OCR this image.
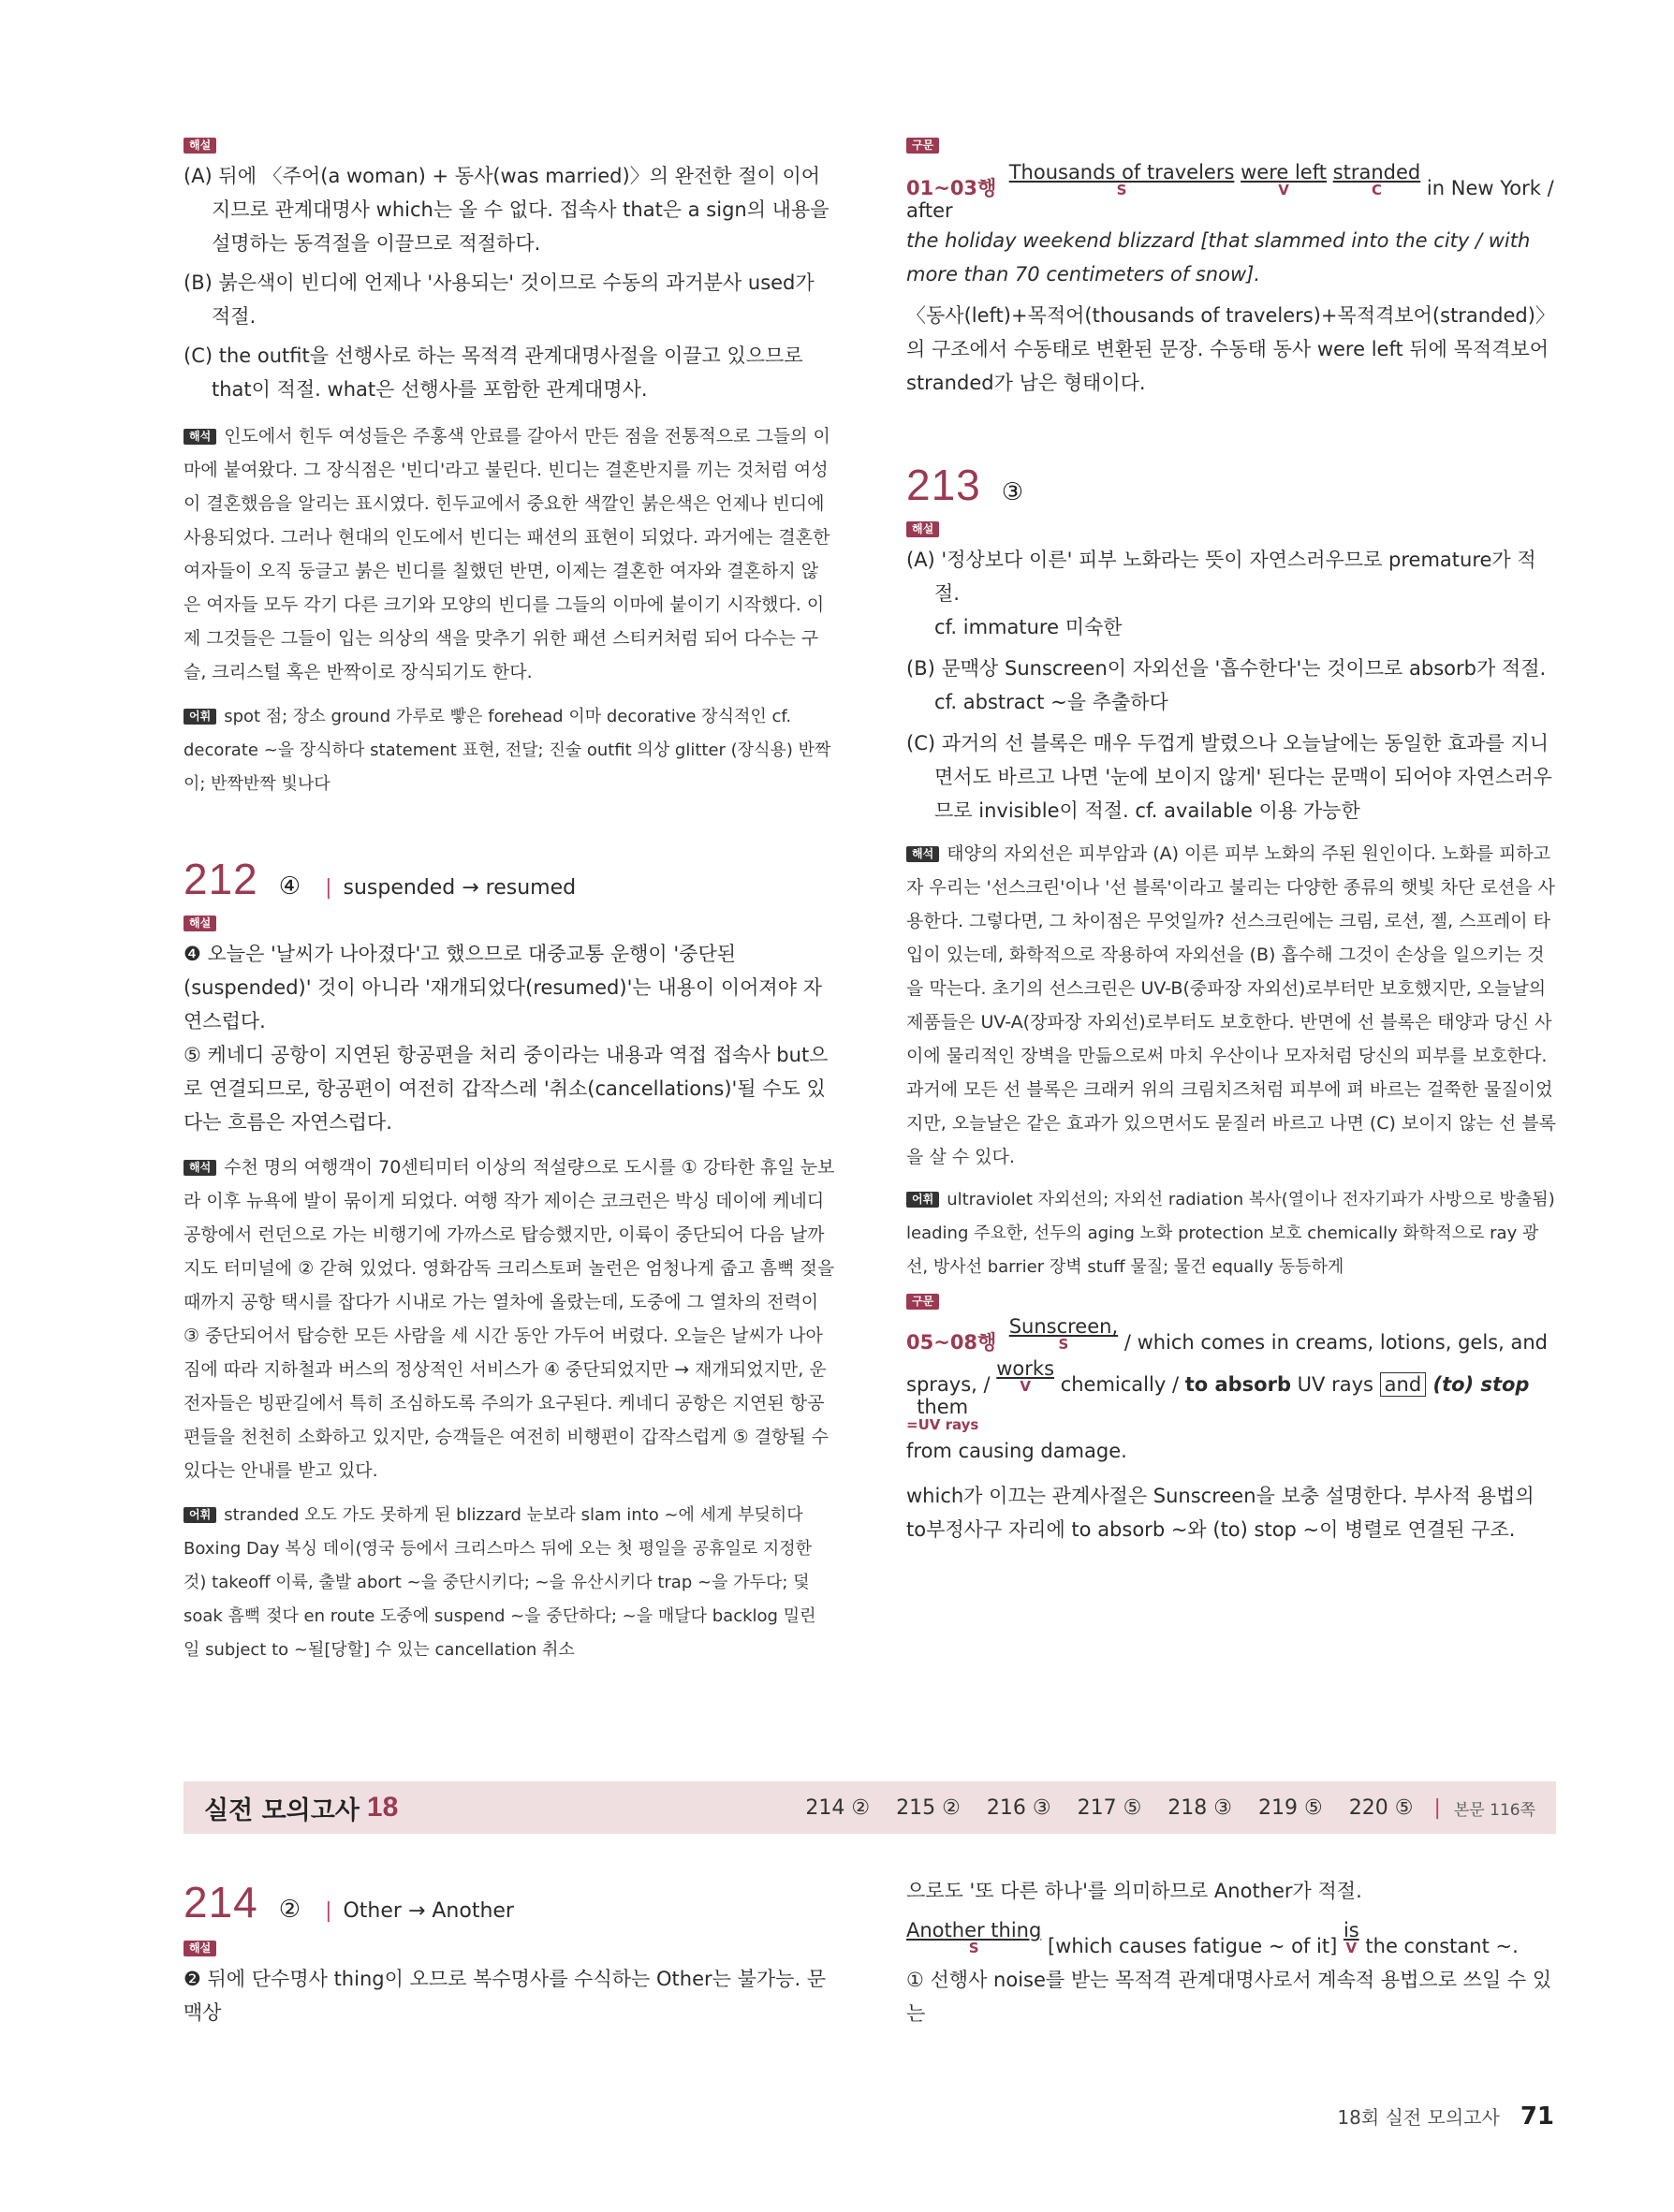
해설

(A) 뒤에 〈주어(a woman) + 동사(was married)〉의 완전한 절이 이어지므로 관계대명사 which는 올 수 없다. 접속사 that은 a sign의 내용을 설명하는 동격절을 이끌므로 적절하다.

(B) 붉은색이 빈디에 언제나 '사용되는' 것이므로 수동의 과거분사 used가 적절.

(C) the outfit을 선행사로 하는 목적격 관계대명사절을 이끌고 있으므로 that이 적절. what은 선행사를 포함한 관계대명사.

해석 인도에서 힌두 여성들은 주홍색 안료를 갈아서 만든 점을 전통적으로 그들의 이마에 붙여왔다. 그 장식점은 '빈디'라고 불린다. 빈디는 결혼반지를 끼는 것처럼 여성이 결혼했음을 알리는 표시였다. 힌두교에서 중요한 색깔인 붉은색은 언제나 빈디에 사용되었다. 그러나 현대의 인도에서 빈디는 패션의 표현이 되었다. 과거에는 결혼한 여자들이 오직 둥글고 붉은 빈디를 칠했던 반면, 이제는 결혼한 여자와 결혼하지 않은 여자들 모두 각기 다른 크기와 모양의 빈디를 그들의 이마에 붙이기 시작했다. 이제 그것들은 그들이 입는 의상의 색을 맞추기 위한 패션 스티커처럼 되어 다수는 구슬, 크리스털 혹은 반짝이로 장식되기도 한다.

어휘 spot 점; 장소 ground 가루로 빻은 forehead 이마 decorative 장식적인 cf. decorate ~을 장식하다 statement 표현, 전달; 진술 outfit 의상 glitter (장식용) 반짝이; 반짝반짝 빛나다

212 ④ | suspended → resumed
해설

❹ 오늘은 '날씨가 나아졌다'고 했으므로 대중교통 운행이 '중단된(suspended)' 것이 아니라 '재개되었다(resumed)'는 내용이 이어져야 자연스럽다.

⑤ 케네디 공항이 지연된 항공편을 처리 중이라는 내용과 역접 접속사 but으로 연결되므로, 항공편이 여전히 갑작스레 '취소(cancellations)'될 수도 있다는 흐름은 자연스럽다.

해석 수천 명의 여행객이 70센티미터 이상의 적설량으로 도시를 ① 강타한 휴일 눈보라 이후 뉴욕에 발이 묶이게 되었다. 여행 작가 제이슨 코크런은 박싱 데이에 케네디 공항에서 런던으로 가는 비행기에 가까스로 탑승했지만, 이륙이 중단되어 다음 날까지도 터미널에 ② 갇혀 있었다. 영화감독 크리스토퍼 놀런은 엄청나게 줍고 흠뻑 젖을 때까지 공항 택시를 잡다가 시내로 가는 열차에 올랐는데, 도중에 그 열차의 전력이 ③ 중단되어서 탑승한 모든 사람을 세 시간 동안 가두어 버렸다. 오늘은 날씨가 나아짐에 따라 지하철과 버스의 정상적인 서비스가 ④ 중단되었지만 → 재개되었지만, 운전자들은 빙판길에서 특히 조심하도록 주의가 요구된다. 케네디 공항은 지연된 항공편들을 천천히 소화하고 있지만, 승객들은 여전히 비행편이 갑작스럽게 ⑤ 결항될 수 있다는 안내를 받고 있다.

어휘 stranded 오도 가도 못하게 된 blizzard 눈보라 slam into ~에 세게 부딪히다 Boxing Day 복싱 데이(영국 등에서 크리스마스 뒤에 오는 첫 평일을 공휴일로 지정한 것) takeoff 이륙, 출발 abort ~을 중단시키다; ~을 유산시키다 trap ~을 가두다; 덫 soak 흠뻑 젖다 en route 도중에 suspend ~을 중단하다; ~을 매달다 backlog 밀린 일 subject to ~될[당할] 수 있는 cancellation 취소

구문
01~03행  Thousands of travelers
S
were left
V
stranded
C	in New York / after

the holiday weekend blizzard [that slammed into the city / with more than 70 centimeters of snow].

〈동사(left)+목적어(thousands of travelers)+목적격보어(stranded)〉의 구조에서 수동태로 변환된 문장. 수동태 동사 were left 뒤에 목적격보어 stranded가 남은 형태이다.

213 ③
해설

(A) '정상보다 이른' 피부 노화라는 뜻이 자연스러우므로 premature가 적절.

cf. immature 미숙한

(B) 문맥상 Sunscreen이 자외선을 '흡수한다'는 것이므로 absorb가 적절.

cf. abstract ~을 추출하다

(C) 과거의 선 블록은 매우 두껍게 발렸으나 오늘날에는 동일한 효과를 지니면서도 바르고 나면 '눈에 보이지 않게' 된다는 문맥이 되어야 자연스러우므로 invisible이 적절. cf. available 이용 가능한

해석 태양의 자외선은 피부암과 (A) 이른 피부 노화의 주된 원인이다. 노화를 피하고자 우리는 '선스크린'이나 '선 블록'이라고 불리는 다양한 종류의 햇빛 차단 로션을 사용한다. 그렇다면, 그 차이점은 무엇일까? 선스크린에는 크림, 로션, 젤, 스프레이 타입이 있는데, 화학적으로 작용하여 자외선을 (B) 흡수해 그것이 손상을 일으키는 것을 막는다. 초기의 선스크린은 UV-B(중파장 자외선)로부터만 보호했지만, 오늘날의 제품들은 UV-A(장파장 자외선)로부터도 보호한다. 반면에 선 블록은 태양과 당신 사이에 물리적인 장벽을 만듦으로써 마치 우산이나 모자처럼 당신의 피부를 보호한다. 과거에 모든 선 블록은 크래커 위의 크림치즈처럼 피부에 펴 바르는 걸쭉한 물질이었지만, 오늘날은 같은 효과가 있으면서도 묻질러 바르고 나면 (C) 보이지 않는 선 블록을 살 수 있다.

어휘 ultraviolet 자외선의; 자외선 radiation 복사(열이나 전자기파가 사방으로 방출됨) leading 주요한, 선두의 aging 노화 protection 보호 chemically 화학적으로 ray 광선, 방사선 barrier 장벽 stuff 물질; 물건 equally 동등하게

구문
05~08행  Sunscreen,
S	/ which comes in creams, lotions, gels, and
sprays, / works
V	chemically / to absorb UV rays and (to) stopthem
=UV rays

from causing damage.

which가 이끄는 관계사절은 Sunscreen을 보충 설명한다. 부사적 용법의 to부정사구 자리에 to absorb ~와 (to) stop ~이 병렬로 연결된 구조.

실전 모의고사 18	214 ② 215 ② 216 ③ 217 ⑤ 218 ③ 219 ⑤ 220 ⑤ | 본문 116쪽
214 ② | Other → Another
해설

❷ 뒤에 단수명사 thing이 오므로 복수명사를 수식하는 Other는 불가능. 문맥상

으로도 '또 다른 하나'를 의미하므로 Another가 적절.

Another thing
S	[which causes fatigue ~ of it] is
V the constant ~.

① 선행사 noise를 받는 목적격 관계대명사로서 계속적 용법으로 쓰일 수 있는

18회 실전 모의고사 71
